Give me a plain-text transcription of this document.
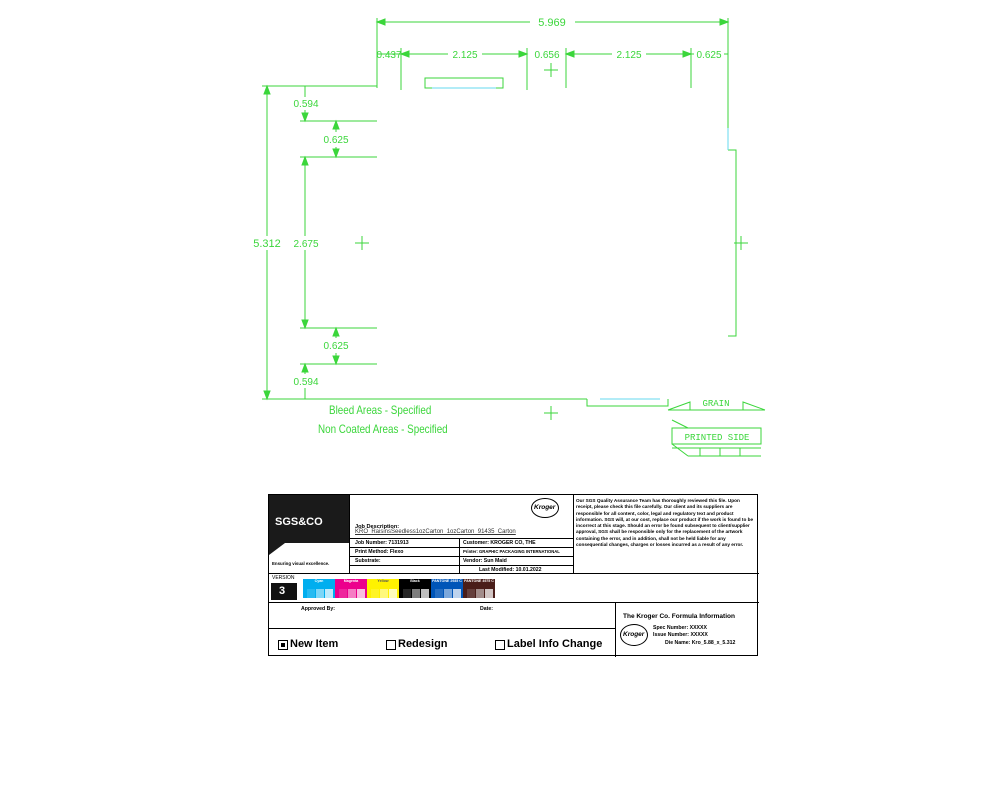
5.969
0.437	2.125	0.656	2.125	0.625
0.594
0.625
5.312 2.675
0.625
0.594
GRAIN
PRINTED SIDE
Bleed Areas - Specified
Non Coated Areas - Specified
SGS&CO
Ensuring visual excellence.
Kroger
Job Description:
KRO_RaisinsSeedless1ozCarton_1ozCarton_91435_Carton
Job Number: 7131913	Customer: KROGER CO, THE
Print Method: Flexo	Printer: GRAPHIC PACKAGING INTERNATIONAL
Substrate:	Vendor: Sun Maid
Last Modified: 10.01.2022
Our SGS Quality Assurance Team has thoroughly reviewed this file. Upon receipt, please check this file carefully. Our client and its suppliers are responsible for all content, color, legal and regulatory text and product information. SGS will, at our cost, replace our product if the work is found to be incorrect at this stage. Should an error be found subsequent to client/supplier approval, SGS shall be responsible only for the replacement of the artwork containing the error, and in addition, shall not be held liable for any consequential changes, charges or losses incurred as a result of any error.
VERSION
3
Cyan	Magenta	Yellow	Black	PANTONE 2935 C PANTONE 4975 C
Approved By:	Date:
New Item	Redesign	Label Info Change
The Kroger Co. Formula Information
Kroger
Spec Number: XXXXX
Issue Number: XXXXX
Die Name: Kro_5.88_x_5.312
